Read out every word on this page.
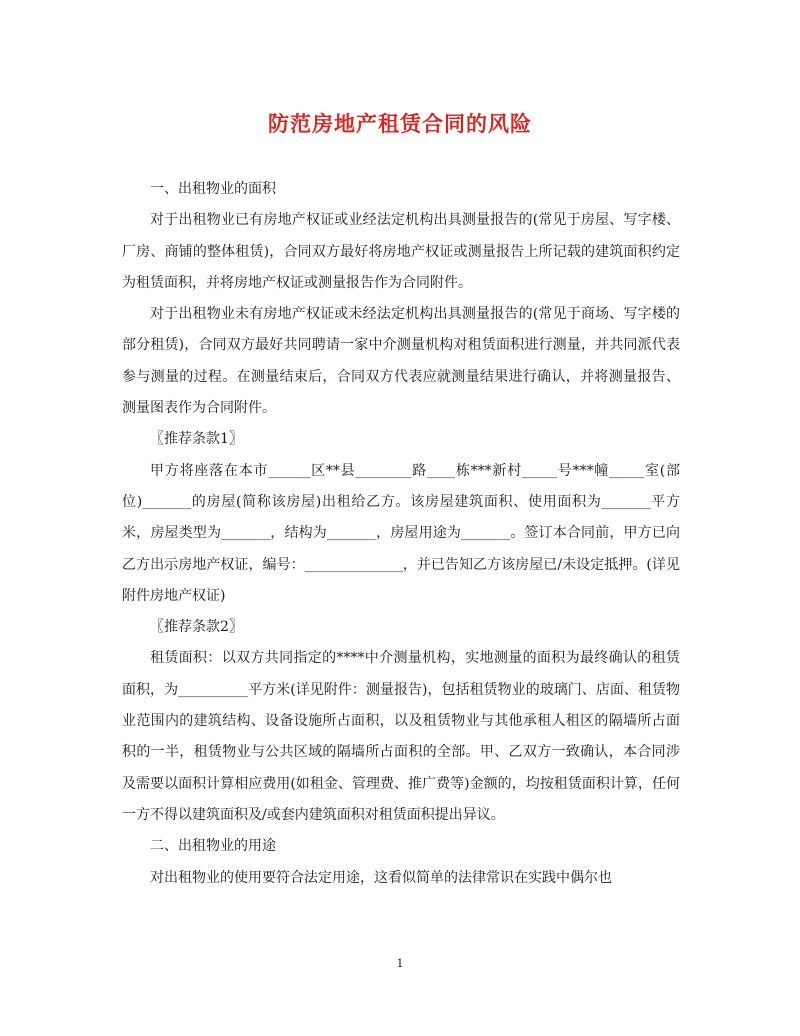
防范房地产租赁合同的风险

一、出租物业的面积

对于出租物业已有房地产权证或业经法定机构出具测量报告的(常见于房屋、写字楼、厂房、商铺的整体租赁)，合同双方最好将房地产权证或测量报告上所记载的建筑面积约定为租赁面积，并将房地产权证或测量报告作为合同附件。

对于出租物业未有房地产权证或未经法定机构出具测量报告的(常见于商场、写字楼的部分租赁)，合同双方最好共同聘请一家中介测量机构对租赁面积进行测量，并共同派代表参与测量的过程。在测量结束后，合同双方代表应就测量结果进行确认，并将测量报告、测量图表作为合同附件。

〖推荐条款1〗

甲方将座落在本市______区**县________路____栋***新村_____号***幢_____室(部位)_______的房屋(简称该房屋)出租给乙方。该房屋建筑面积、使用面积为_______平方米，房屋类型为_______，结构为_______，房屋用途为_______。签订本合同前，甲方已向乙方出示房地产权证，编号：______________，并已告知乙方该房屋已/未设定抵押。(详见附件房地产权证)

〖推荐条款2〗

租赁面积：以双方共同指定的****中介测量机构，实地测量的面积为最终确认的租赁面积，为__________平方米(详见附件：测量报告)，包括租赁物业的玻璃门、店面、租赁物业范围内的建筑结构、设备设施所占面积，以及租赁物业与其他承租人租区的隔墙所占面积的一半，租赁物业与公共区域的隔墙所占面积的全部。甲、乙双方一致确认，本合同涉及需要以面积计算相应费用(如租金、管理费、推广费等)金额的，均按租赁面积计算，任何一方不得以建筑面积及/或套内建筑面积对租赁面积提出异议。

二、出租物业的用途

对出租物业的使用要符合法定用途，这看似简单的法律常识在实践中偶尔也

1
